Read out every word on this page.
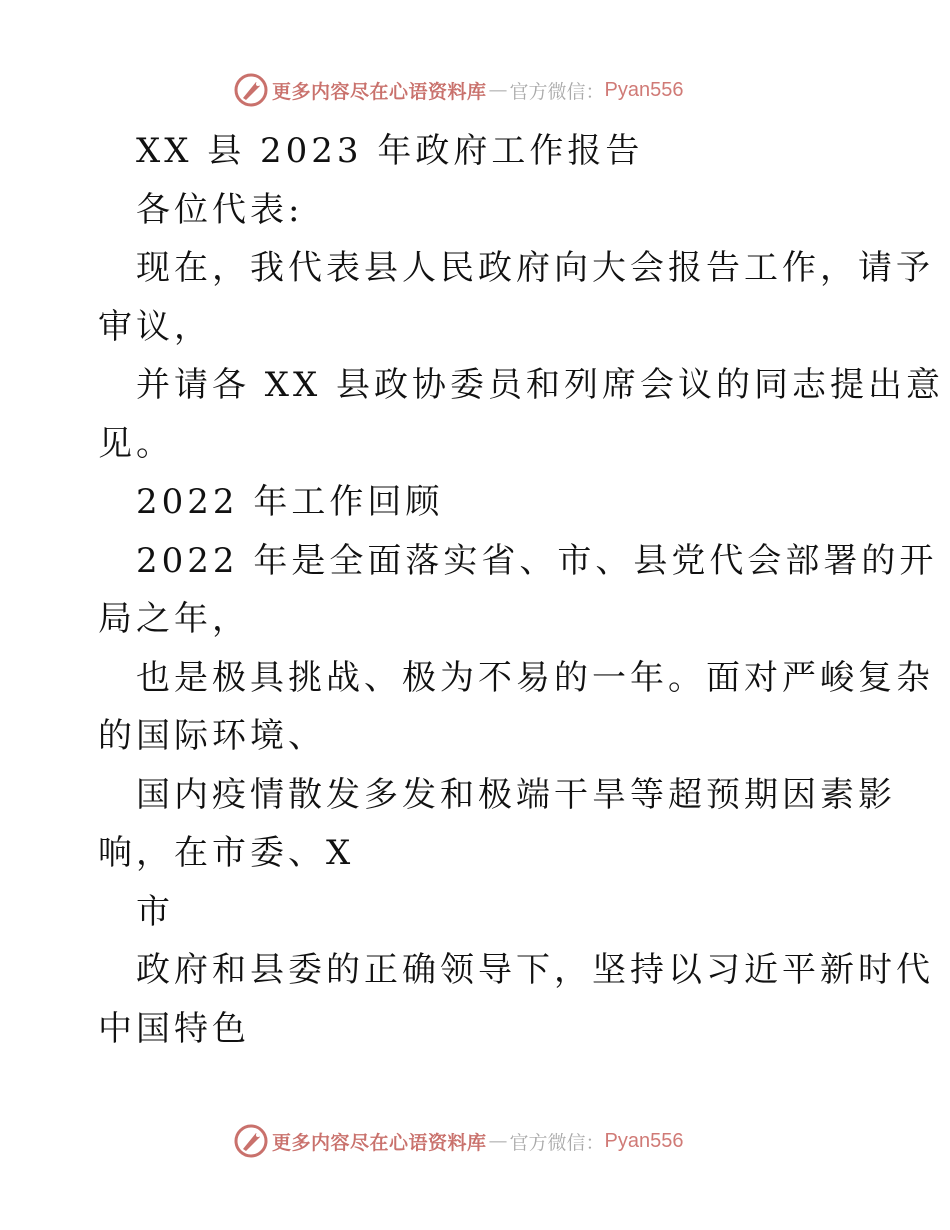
更多内容尽在心语资料库 — 官方微信： Pyan556

XX 县 2023 年政府工作报告

各位代表:

现在，我代表县人民政府向大会报告工作，请予

审议，

并请各 XX 县政协委员和列席会议的同志提出意

见。

2022 年工作回顾

2022 年是全面落实省、市、县党代会部署的开

局之年，

也是极具挑战、极为不易的一年。面对严峻复杂

的国际环境、

国内疫情散发多发和极端干旱等超预期因素影

响，在市委、X

市

政府和县委的正确领导下，坚持以习近平新时代

中国特色

更多内容尽在心语资料库 — 官方微信： Pyan556
